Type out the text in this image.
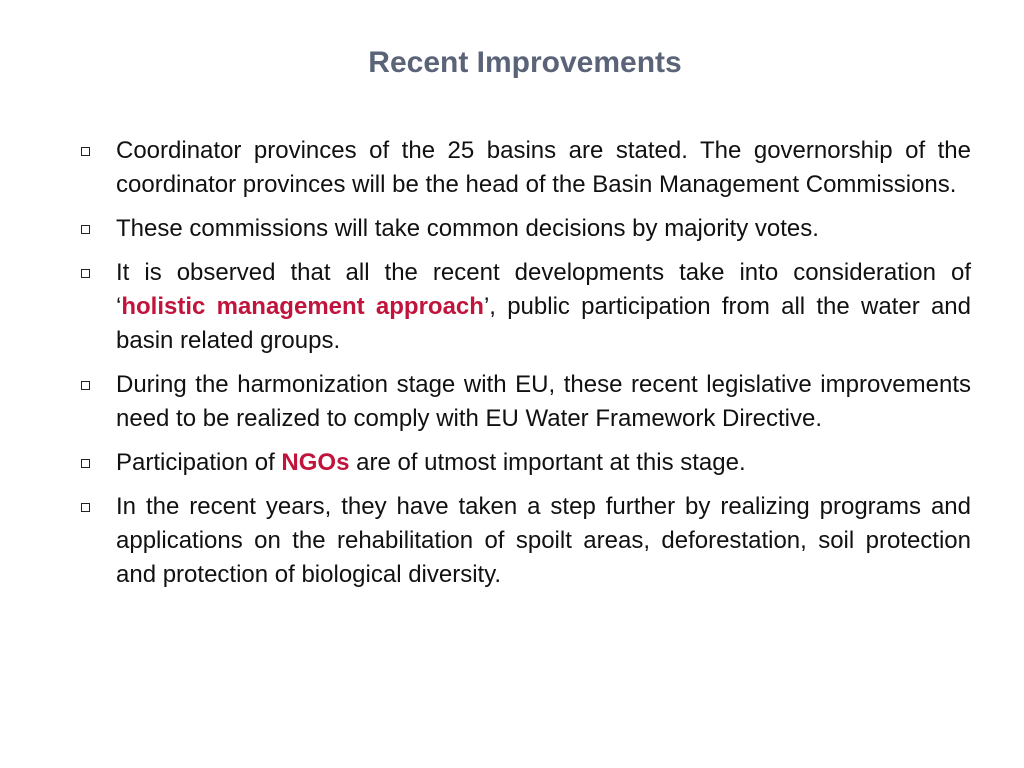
Recent Improvements
Coordinator provinces of the 25 basins are stated. The governorship of the coordinator provinces will be the head of the Basin Management Commissions.
These commissions will take common decisions by majority votes.
It is observed that all the recent developments take into consideration of ‘holistic management approach’, public participation from all the water and basin related groups.
During the harmonization stage with EU, these recent legislative improvements need to be realized to comply with EU Water Framework Directive.
Participation of NGOs are of utmost important at this stage.
In the recent years, they have taken a step further by realizing programs and applications on the rehabilitation of spoilt areas, deforestation, soil protection and protection of biological diversity.
